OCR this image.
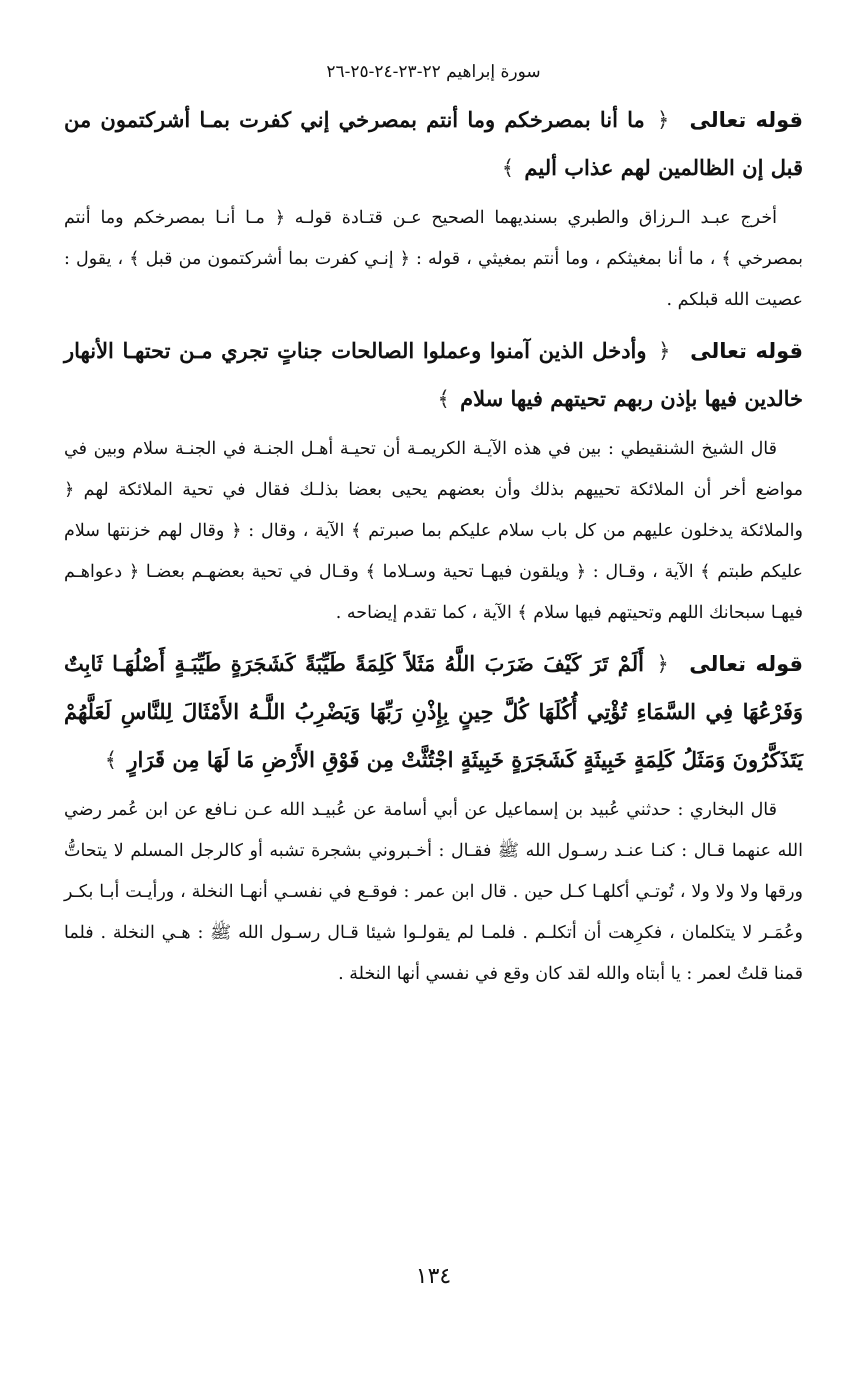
سورة إبراهيم ٢٢-٢٣-٢٤-٢٥-٢٦

قوله تعالى ﴿ ما أنا بمصرخكم وما أنتم بمصرخي إني كفرت بمـا أشركتمون من قبل إن الظالمين لهم عذاب أليم ﴾

أخرج عبـد الـرزاق والطبري بسنديهما الصحيح عـن قتـادة قولـه ﴿ مـا أنـا بمصرخكم وما أنتم بمصرخي ﴾ ، ما أنا بمغيثكم ، وما أنتم بمغيثي ، قوله : ﴿ إنـي كفرت بما أشركتمون من قبل ﴾ ، يقول : عصيت الله قبلكم .

قوله تعالى ﴿ وأدخل الذين آمنوا وعملوا الصالحات جناتٍ تجري مـن تحتهـا الأنهار خالدين فيها بإذن ربهم تحيتهم فيها سلام ﴾

قال الشيخ الشنقيطي : بين في هذه الآيـة الكريمـة أن تحيـة أهـل الجنـة في الجنـة سلام وبين في مواضع أخر أن الملائكة تحييهم بذلك وأن بعضهم يحيى بعضا بذلـك فقال في تحية الملائكة لهم ﴿ والملائكة يدخلون عليهم من كل باب سلام عليكم بما صبرتم ﴾ الآية ، وقال : ﴿ وقال لهم خزنتها سلام عليكم طبتم ﴾ الآية ، وقـال : ﴿ ويلقون فيهـا تحية وسـلاما ﴾ وقـال في تحية بعضهـم بعضـا ﴿ دعواهـم فيهـا سبحانك اللهم وتحيتهم فيها سلام ﴾ الآية ، كما تقدم إيضاحه .

قوله تعالى ﴿ أَلَمْ تَرَ كَيْفَ ضَرَبَ اللَّهُ مَثَلاً كَلِمَةً طَيِّبَةً كَشَجَرَةٍ طَيِّبَـةٍ أَصْلُهَـا ثَابِتٌ وَفَرْعُهَا فِي السَّمَاءِ تُؤْتِي أُكُلَهَا كُلَّ حِينٍ بِإِذْنِ رَبِّهَا وَيَضْرِبُ اللَّـهُ الأَمْثَالَ لِلنَّاسِ لَعَلَّهُمْ يَتَذَكَّرُونَ وَمَثَلُ كَلِمَةٍ خَبِيثَةٍ كَشَجَرَةٍ خَبِيثَةٍ اجْتُثَّتْ مِن فَوْقِ الأَرْضِ مَا لَهَا مِن قَرَارٍ ﴾

قال البخاري : حدثني عُبيد بن إسماعيل عن أبي أسامة عن عُبيـد الله عـن نـافع عن ابن عُمر رضي الله عنهما قـال : كنـا عنـد رسـول الله ﷺ فقـال : أخـبروني بشجرة تشبه أو كالرجل المسلم لا يتحاتُّ ورقها ولا ولا ولا ، تُوتـي أكلهـا كـل حين . قال ابن عمر : فوقـع في نفسـي أنهـا النخلة ، ورأيـت أبـا بكـر وعُمَـر لا يتكلمان ، فكرِهت أن أتكلـم . فلمـا لم يقولـوا شيئا قـال رسـول الله ﷺ : هـي النخلة . فلما قمنا قلتُ لعمر : يا أبتاه والله لقد كان وقع في نفسي أنها النخلة .

١٣٤
